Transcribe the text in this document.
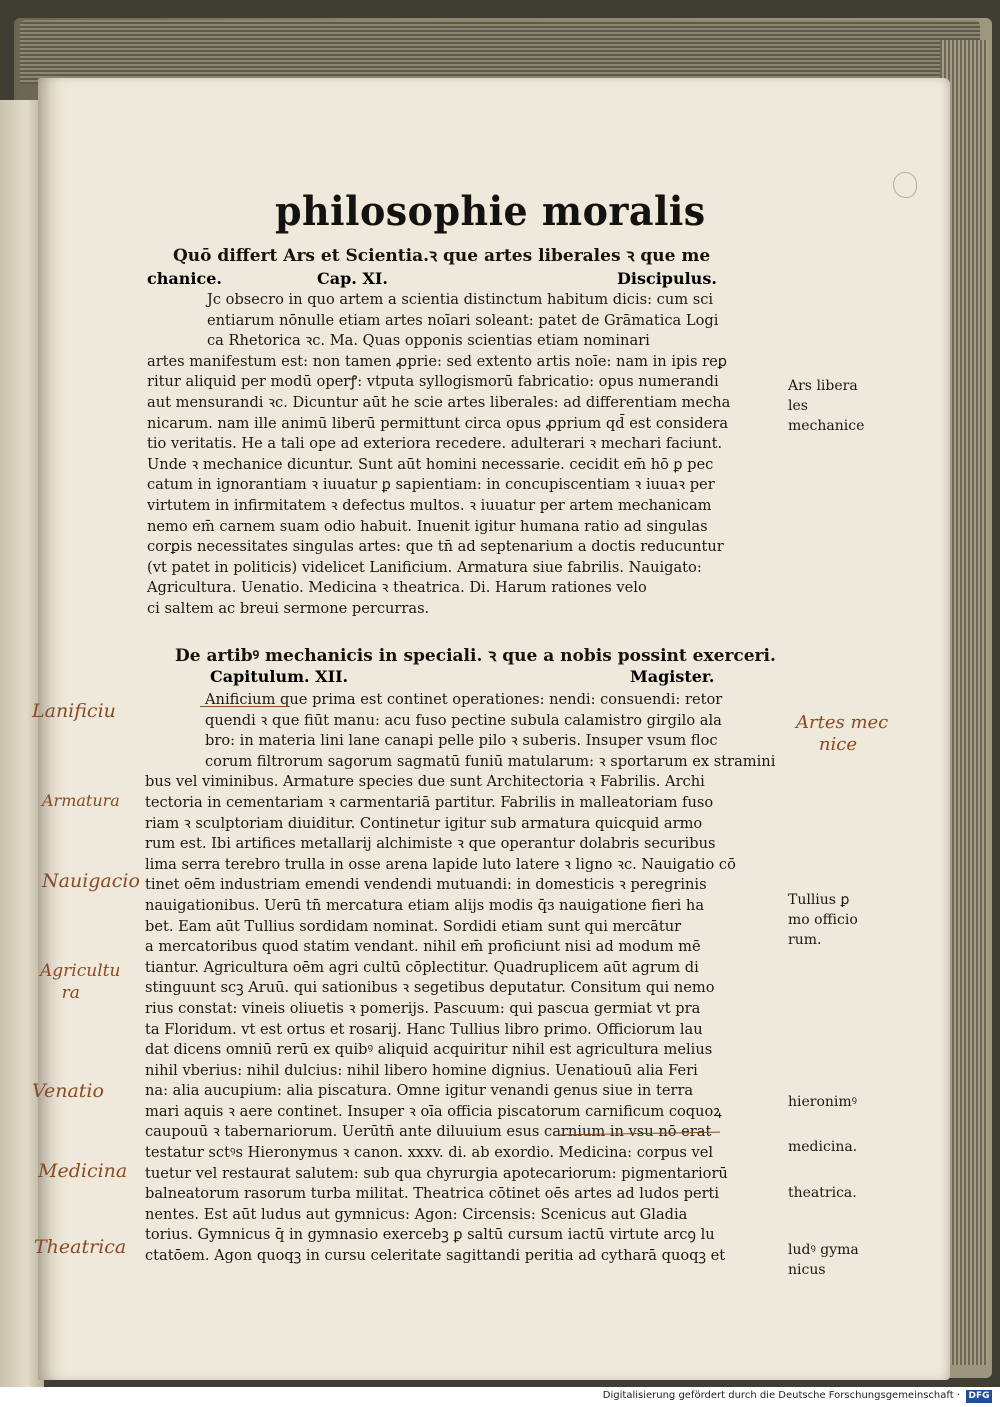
philosophie moralis
Quō differt Ars et Scientia.ꝛ que artes liberales ꝛ que me
chanice.	Cap. XI.	Discipulus.
Jc obsecro in quo artem a scientia distinctum habitum dicis: cum sci
entiarum nōnulle etiam artes noīari soleant: patet de Grāmatica Logi
ca Rhetorica ꝛc. Ma. Quas opponis scientias etiam nominari
artes manifestum est: non tamen ꝓprie: sed extento artis noīe: nam in ipis reꝑ
ritur aliquid per modū operꝭ: vtputa syllogismorū fabricatio: opus numerandi
aut mensurandi ꝛc. Dicuntur aūt he scie artes liberales: ad differentiam mecha
nicarum. nam ille animū liberū permittunt circa opus ꝓprium qd̄ est considera
tio veritatis. He a tali ope ad exteriora recedere. adulterari ꝛ mechari faciunt.
Unde ꝛ mechanice dicuntur. Sunt aūt homini necessarie. cecidit em̄ hō ꝑ pec
catum in ignorantiam ꝛ iuuatur ꝑ sapientiam: in concupiscentiam ꝛ iuuaꝛ per
virtutem in infirmitatem ꝛ defectus multos. ꝛ iuuatur per artem mechanicam
nemo em̄ carnem suam odio habuit. Inuenit igitur humana ratio ad singulas
corꝑis necessitates singulas artes: que tn̄ ad septenarium a doctis reducuntur
(vt patet in politicis) videlicet Lanificium. Armatura siue fabrilis. Nauigato:
Agricultura. Uenatio. Medicina ꝛ theatrica. Di. Harum rationes velo
ci saltem ac breui sermone percurras.
De artibꝰ mechanicis in speciali. ꝛ que a nobis possint exerceri.
Capitulum. XII.	Magister.
Anificium que prima est continet operationes: nendi: consuendi: retor
quendi ꝛ que fiūt manu: acu fuso pectine subula calamistro girgilo ala
bro: in materia lini lane canapi pelle pilo ꝛ suberis. Insuper vsum floc
corum filtrorum sagorum sagmatū funiū matularum: ꝛ sportarum ex stramini
bus vel viminibus. Armature species due sunt Architectoria ꝛ Fabrilis. Archi
tectoria in cementariam ꝛ carmentariā partitur. Fabrilis in malleatoriam fuso
riam ꝛ sculptoriam diuiditur. Continetur igitur sub armatura quicquid armo
rum est. Ibi artifices metallarij alchimiste ꝛ que operantur dolabris securibus
lima serra terebro trulla in osse arena lapide luto latere ꝛ ligno ꝛc. Nauigatio cō
tinet oēm industriam emendi vendendi mutuandi: in domesticis ꝛ peregrinis
nauigationibus. Uerū tn̄ mercatura etiam alijs modis q̄ɜ nauigatione fieri ha
bet. Eam aūt Tullius sordidam nominat. Sordidi etiam sunt qui mercātur
a mercatoribus quod statim vendant. nihil em̄ proficiunt nisi ad modum mē
tiantur. Agricultura oēm agri cultū cōplectitur. Quadruplicem aūt agrum di
stinguunt scꝫ Aruū. qui sationibus ꝛ segetibus deputatur. Consitum qui nemo
rius constat: vineis oliuetis ꝛ pomerijs. Pascuum: qui pascua germiat vt pra
ta Floridum. vt est ortus et rosarij. Hanc Tullius libro primo. Officiorum lau
dat dicens omniū rerū ex quibꝰ aliquid acquiritur nihil est agricultura melius
nihil vberius: nihil dulcius: nihil libero homine dignius. Uenatiouū alia Feri
na: alia aucupium: alia piscatura. Omne igitur venandi genus siue in terra
mari aquis ꝛ aere continet. Insuper ꝛ oīa officia piscatorum carnificum coquoꝝ
caupouū ꝛ tabernariorum. Uerūtn̄ ante diluuium esus carnium in vsu nō erat
testatur sctꝰs Hieronymus ꝛ canon. xxxv. di. ab exordio. Medicina: corpus vel
tuetur vel restaurat salutem: sub qua chyrurgia apotecariorum: pigmentariorū
balneatorum rasorum turba militat. Theatrica cōtinet oēs artes ad ludos perti
nentes. Est aūt ludus aut gymnicus: Agon: Circensis: Scenicus aut Gladia
torius. Gymnicus q̄ in gymnasio exercebꝫ ꝑ saltū cursum iactū virtute arcꝯ lu
ctatōem. Agon quoqꝫ in cursu celeritate sagittandi peritia ad cytharā quoqꝫ et
Ars libera
les
mechanice
Tullius ꝑ
mo officio
rum.
hieronimꝰ
medicina.
theatrica.
ludꝰ gyma
nicus
Lanificiu
Armatura
Nauigacio
Agricultu
ra
Venatio
Medicina
Theatrica
Artes mec
nice
Digitalisierung gefördert durch die Deutsche Forschungsgemeinschaft · DFG
